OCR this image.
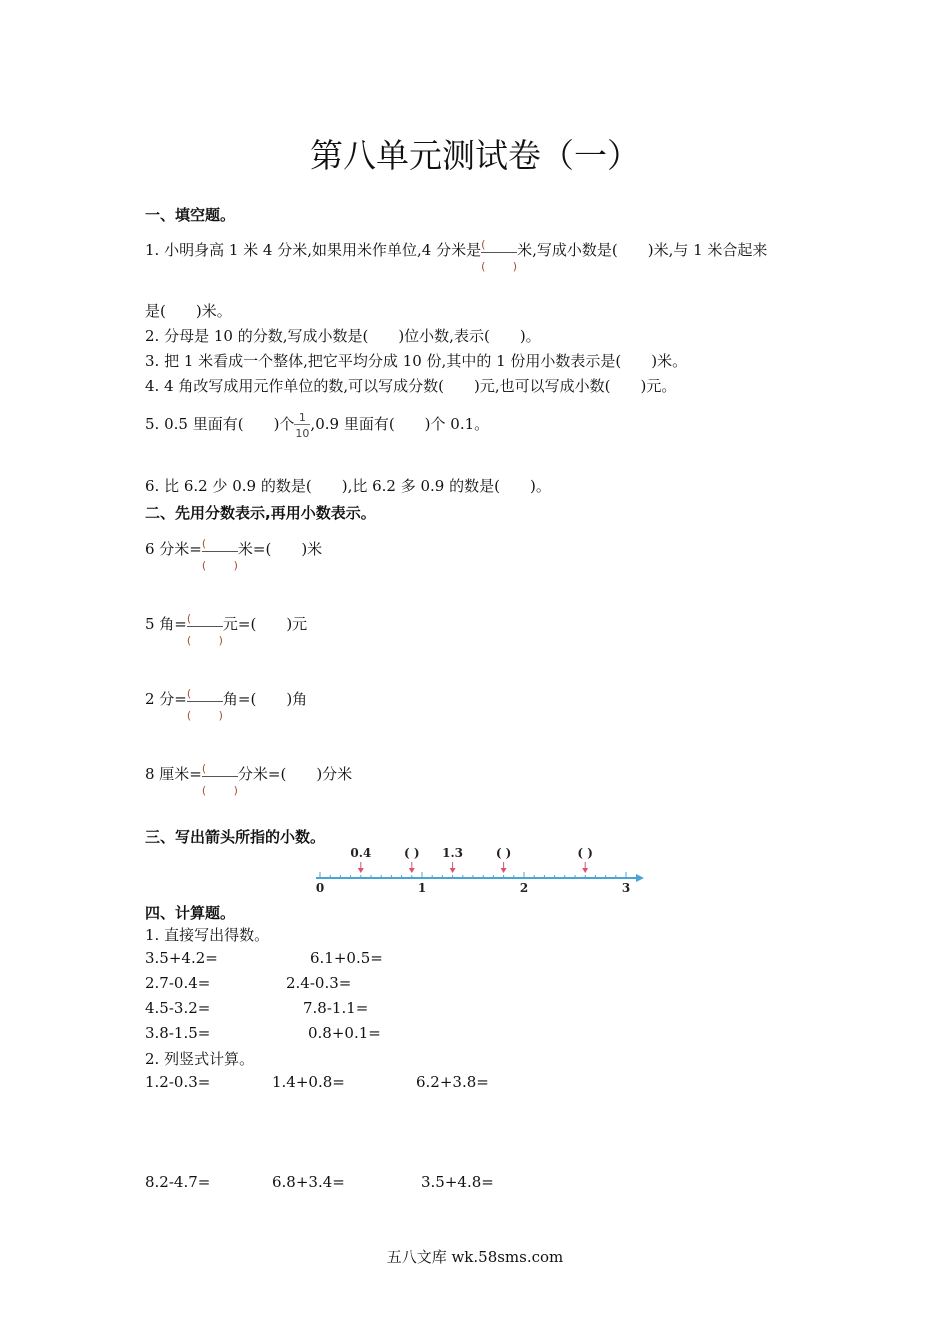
第八单元测试卷（一）
一、填空题。
1. 小明身高 1 米 4 分米,如果用米作单位,4 分米是 $\frac{(}{( )}$ 米,写成小数是( )米,与 1 米合起来
是( )米。
2. 分母是 10 的分数,写成小数是( )位小数,表示( )。
3. 把 1 米看成一个整体,把它平均分成 10 份,其中的 1 份用小数表示是( )米。
4. 4 角改写成用元作单位的数,可以写成分数( )元,也可以写成小数( )元。
5. 0.5 里面有( )个 $\frac{1}{10} ,0.9$ 里面有( )个 0.1。
6. 比 6.2 少 0.9 的数是( ),比 6.2 多 0.9 的数是( )。
二、先用分数表示,再用小数表示。
6 分米= $\frac{(}{( )}$ 米=( )米
5 角= $\frac{(}{( )}$ 元=( )元
2 分= $\frac{(}{( )}$ 角=( )角
8 厘米= $\frac{(}{( )}$ 分米=( )分米
三、写出箭头所指的小数。
0	1	2	3
0.4	( ) 1.3	( )	( )
四、计算题。
1. 直接写出得数。
3.5+4.2=	6.1+0.5=
2.7-0.4=	2.4-0.3=
4.5-3.2=	7.8-1.1=
3.8-1.5=	0.8+0.1=
2. 列竖式计算。
1.2-0.3=	1.4+0.8=	6.2+3.8=
8.2-4.7=	6.8+3.4=	3.5+4.8=
五八文库 wk.58sms.com
